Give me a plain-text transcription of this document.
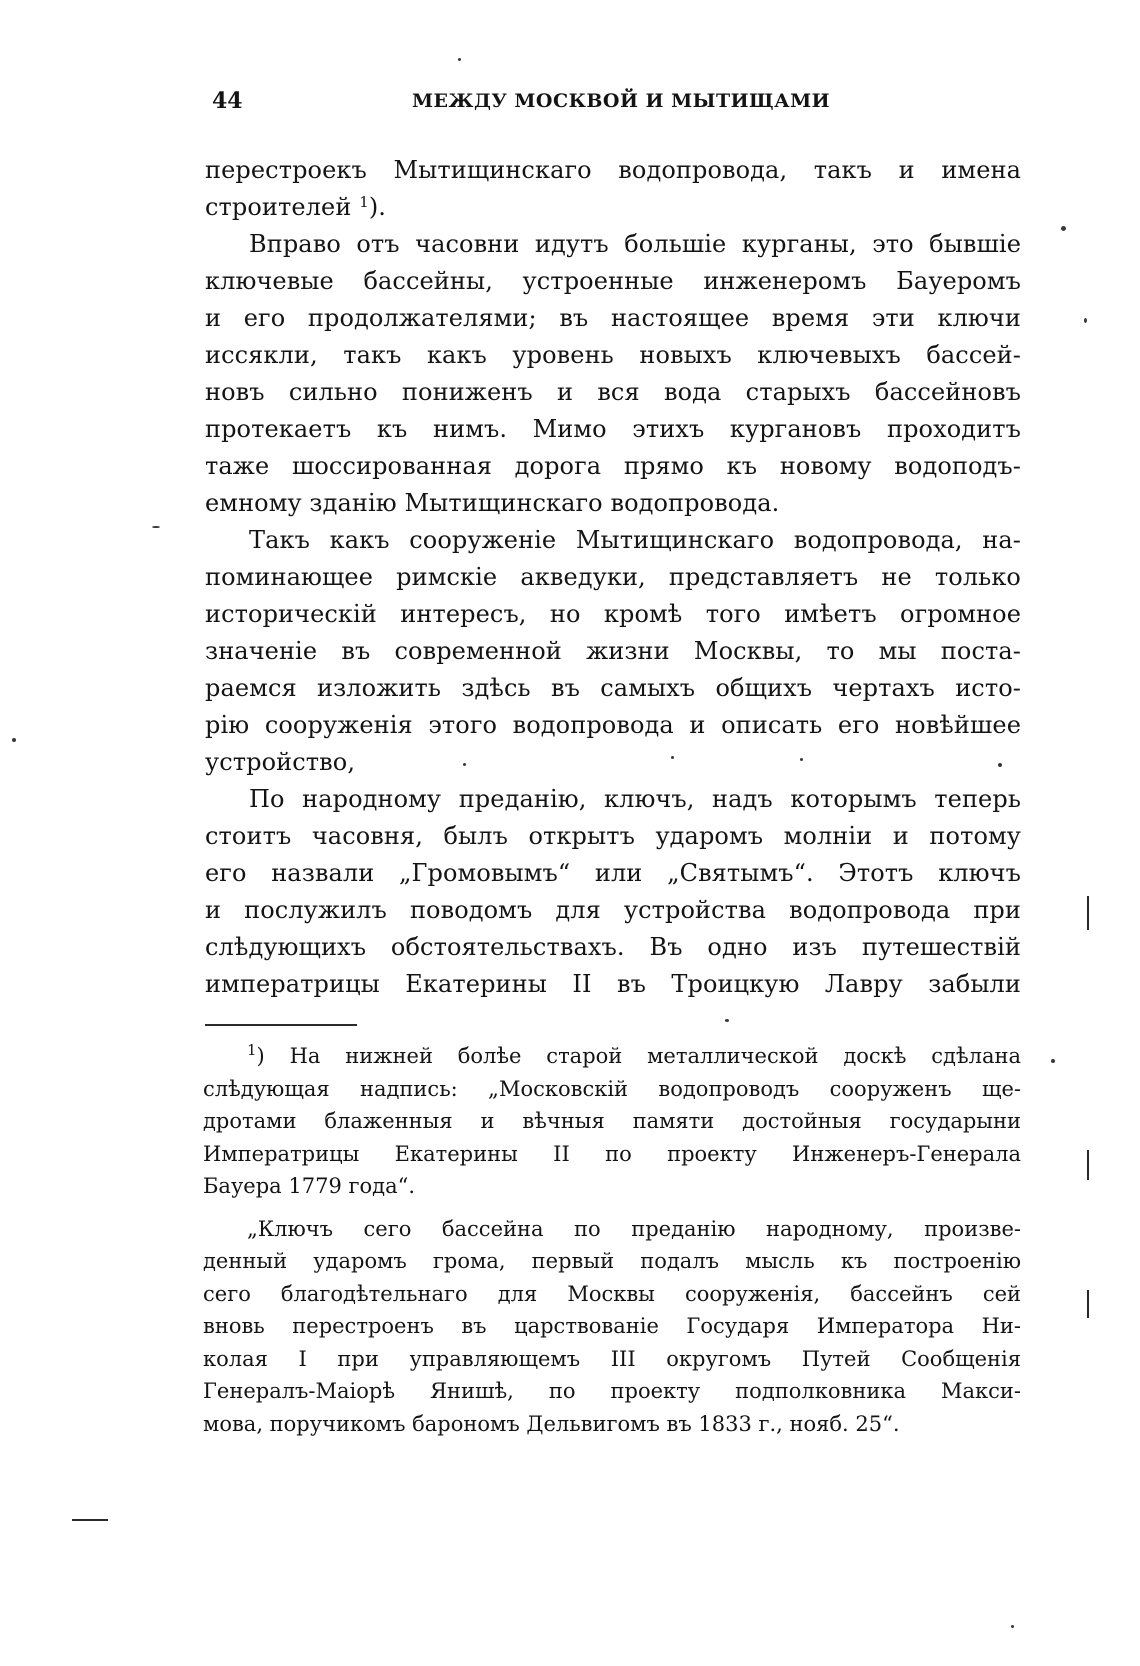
44	МЕЖДУ МОСКВОЙ И МЫТИЩАМИ
перестроекъ Мытищинскаго водопровода, такъ и имена
строителей $^1$).
Вправо отъ часовни идутъ большіе курганы, это бывшіе
ключевые бассейны, устроенные инженеромъ Бауеромъ
и его продолжателями; въ настоящее время эти ключи
иссякли, такъ какъ уровень новыхъ ключевыхъ бассей-
новъ сильно пониженъ и вся вода старыхъ бассейновъ
протекаетъ къ нимъ. Мимо этихъ кургановъ проходитъ
таже шоссированная дорога прямо къ новому водоподъ-
емному зданію Мытищинскаго водопровода.
Такъ какъ сооруженіе Мытищинскаго водопровода, на-
поминающее римскіе акведуки, представляетъ не только
историческій интересъ, но кромѣ того имѣетъ огромное
значеніе въ современной жизни Москвы, то мы поста-
раемся изложить здѣсь въ самыхъ общихъ чертахъ исто-
рію сооруженія этого водопровода и описать его новѣйшее
устройство,
По народному преданію, ключъ, надъ которымъ теперь
стоитъ часовня, былъ открытъ ударомъ молніи и потому
его назвали „Громовымъ“ или „Святымъ“. Этотъ ключъ
и послужилъ поводомъ для устройства водопровода при
слѣдующихъ обстоятельствахъ. Въ одно изъ путешествій
императрицы Екатерины II въ Троицкую Лавру забыли
$^1$) На нижней болѣе старой металлической доскѣ сдѣлана
слѣдующая надпись: „Московскій водопроводъ сооруженъ ще-
дротами блаженныя и вѣчныя памяти достойныя государыни
Императрицы Екатерины II по проекту Инженеръ-Генерала
Бауера 1779 года“.
„Ключъ сего бассейна по преданію народному, произве-
денный ударомъ грома, первый подалъ мысль къ построенію
сего благодѣтельнаго для Москвы сооруженія, бассейнъ сей
вновь перестроенъ въ царствованіе Государя Императора Ни-
колая I при управляющемъ III округомъ Путей Сообщенія
Генералъ-Маіорѣ Янишѣ, по проекту подполковника Макси-
мова, поручикомъ барономъ Дельвигомъ въ 1833 г., нояб. 25“.
